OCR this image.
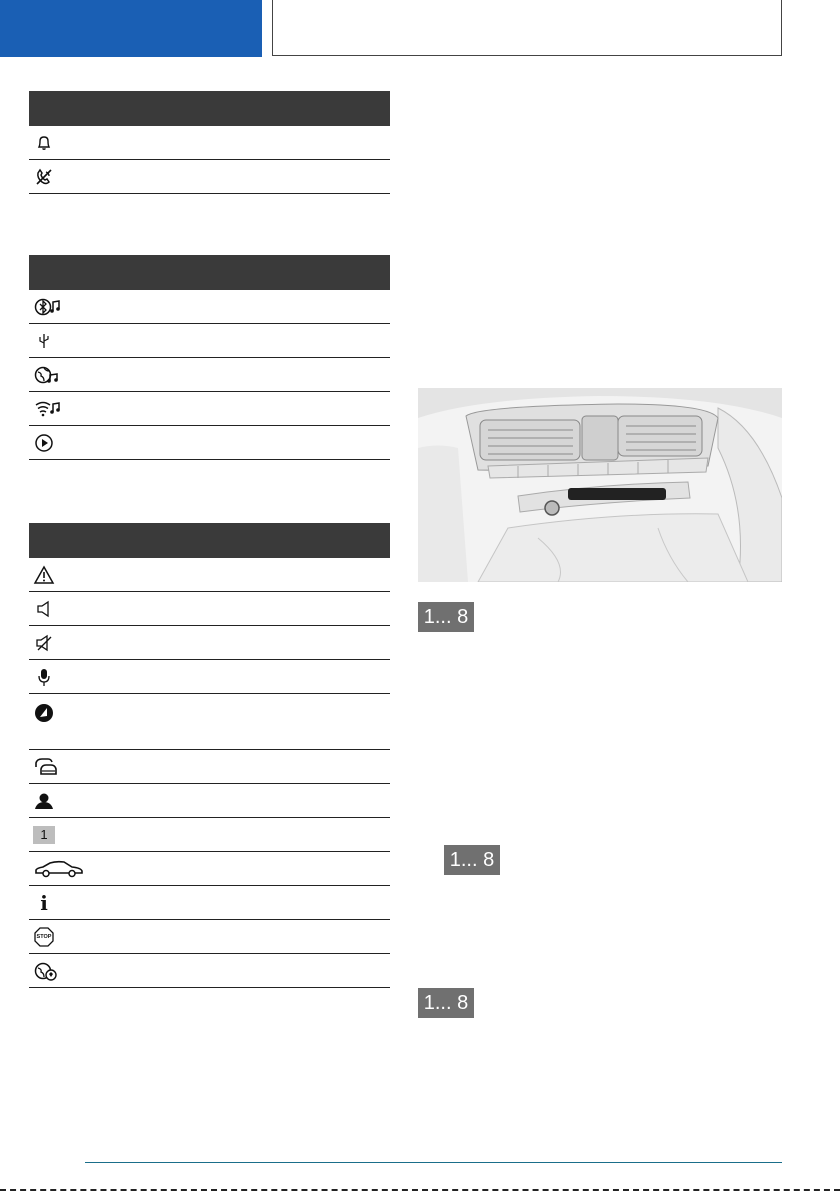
1
i
STOP
1... 8
1... 8
1... 8
